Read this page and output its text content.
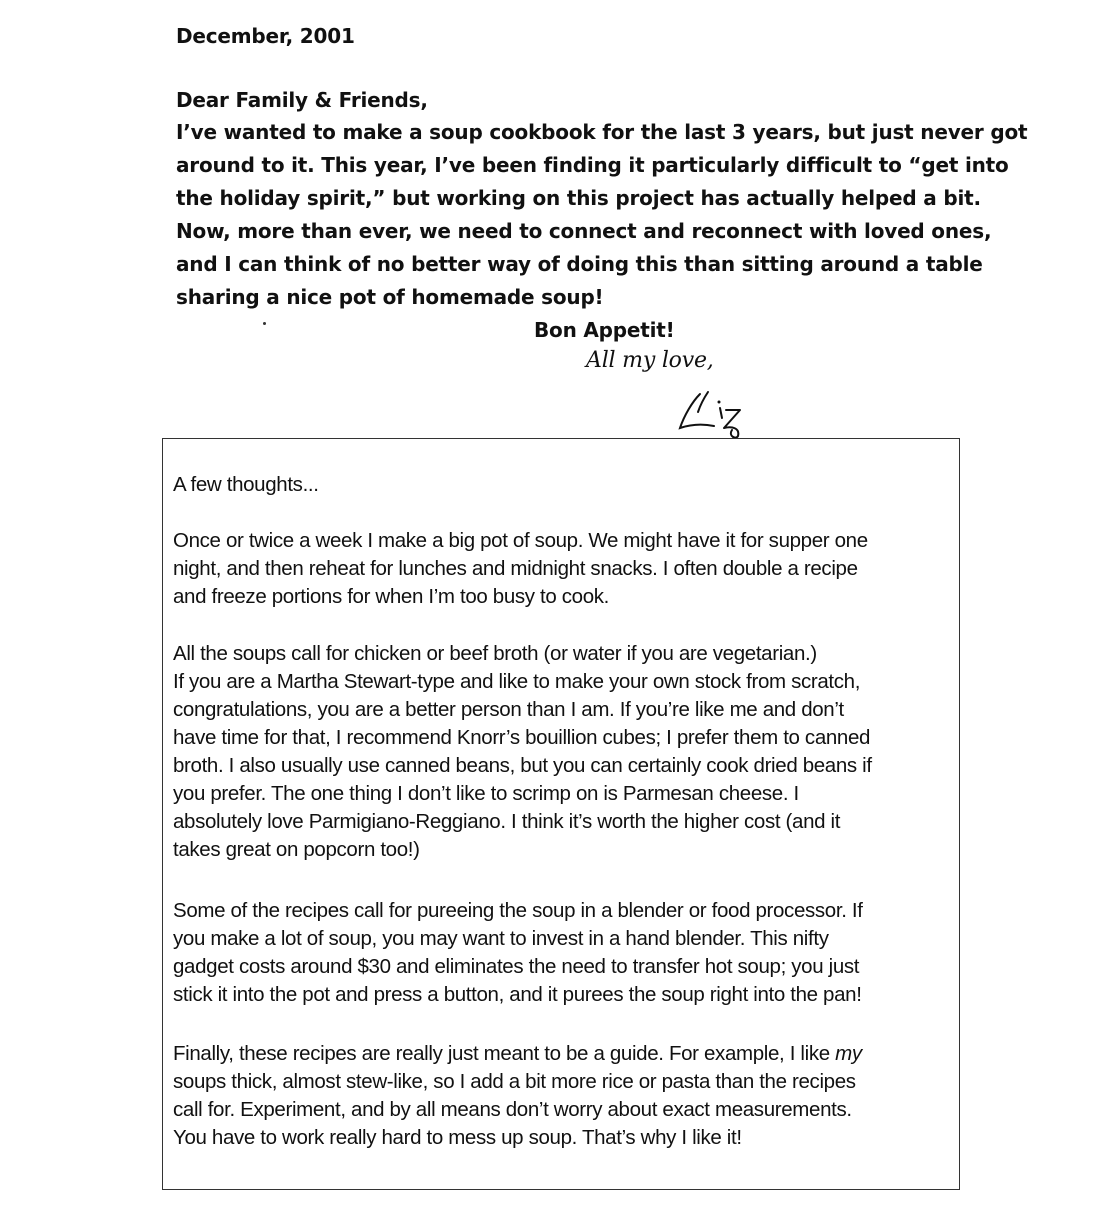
December, 2001
Dear Family & Friends,
I’ve wanted to make a soup cookbook for the last 3 years, but just never got
around to it. This year, I’ve been finding it particularly difficult to “get into
the holiday spirit,” but working on this project has actually helped a bit.
Now, more than ever, we need to connect and reconnect with loved ones,
and I can think of no better way of doing this than sitting around a table
sharing a nice pot of homemade soup!
Bon Appetit!
All my love,
A few thoughts...
Once or twice a week I make a big pot of soup. We might have it for supper one
night, and then reheat for lunches and midnight snacks. I often double a recipe
and freeze portions for when I’m too busy to cook.
All the soups call for chicken or beef broth (or water if you are vegetarian.)
If you are a Martha Stewart-type and like to make your own stock from scratch,
congratulations, you are a better person than I am. If you’re like me and don’t
have time for that, I recommend Knorr’s bouillion cubes; I prefer them to canned
broth. I also usually use canned beans, but you can certainly cook dried beans if
you prefer. The one thing I don’t like to scrimp on is Parmesan cheese. I
absolutely love Parmigiano-Reggiano. I think it’s worth the higher cost (and it
takes great on popcorn too!)
Some of the recipes call for pureeing the soup in a blender or food processor. If
you make a lot of soup, you may want to invest in a hand blender. This nifty
gadget costs around $30 and eliminates the need to transfer hot soup; you just
stick it into the pot and press a button, and it purees the soup right into the pan!
Finally, these recipes are really just meant to be a guide. For example, I like my
soups thick, almost stew-like, so I add a bit more rice or pasta than the recipes
call for. Experiment, and by all means don’t worry about exact measurements.
You have to work really hard to mess up soup. That’s why I like it!
